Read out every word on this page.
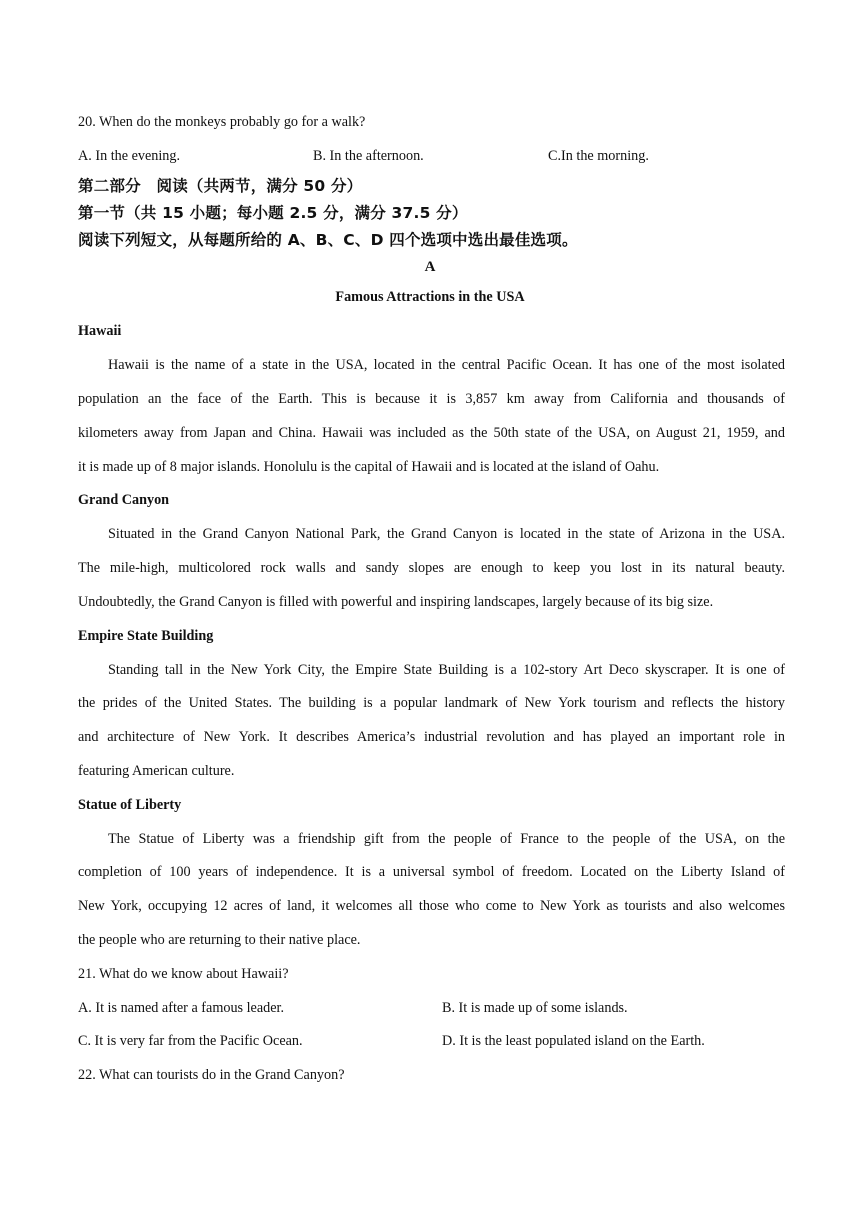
20. When do the monkeys probably go for a walk?
A. In the evening.	B. In the afternoon.	C.In the morning.
第二部分　阅读（共两节，满分 50 分）
第一节（共 15 小题；每小题 2.5 分，满分 37.5 分）
阅读下列短文，从每题所给的 A、B、C、D 四个选项中选出最佳选项。
A
Famous Attractions in the USA
Hawaii
Hawaii is the name of a state in the USA, located in the central Pacific Ocean. It has one of the most isolated
population an the face of the Earth. This is because it is 3,857 km away from California and thousands of
kilometers away from Japan and China. Hawaii was included as the 50th state of the USA, on August 21, 1959, and
it is made up of 8 major islands. Honolulu is the capital of Hawaii and is located at the island of Oahu.
Grand Canyon
Situated in the Grand Canyon National Park, the Grand Canyon is located in the state of Arizona in the USA.
The mile-high, multicolored rock walls and sandy slopes are enough to keep you lost in its natural beauty.
Undoubtedly, the Grand Canyon is filled with powerful and inspiring landscapes, largely because of its big size.
Empire State Building
Standing tall in the New York City, the Empire State Building is a 102-story Art Deco skyscraper. It is one of
the prides of the United States. The building is a popular landmark of New York tourism and reflects the history
and architecture of New York. It describes America’s industrial revolution and has played an important role in
featuring American culture.
Statue of Liberty
The Statue of Liberty was a friendship gift from the people of France to the people of the USA, on the
completion of 100 years of independence. It is a universal symbol of freedom. Located on the Liberty Island of
New York, occupying 12 acres of land, it welcomes all those who come to New York as tourists and also welcomes
the people who are returning to their native place.
21. What do we know about Hawaii?
A. It is named after a famous leader.	B. It is made up of some islands.
C. It is very far from the Pacific Ocean.	D. It is the least populated island on the Earth.
22. What can tourists do in the Grand Canyon?
